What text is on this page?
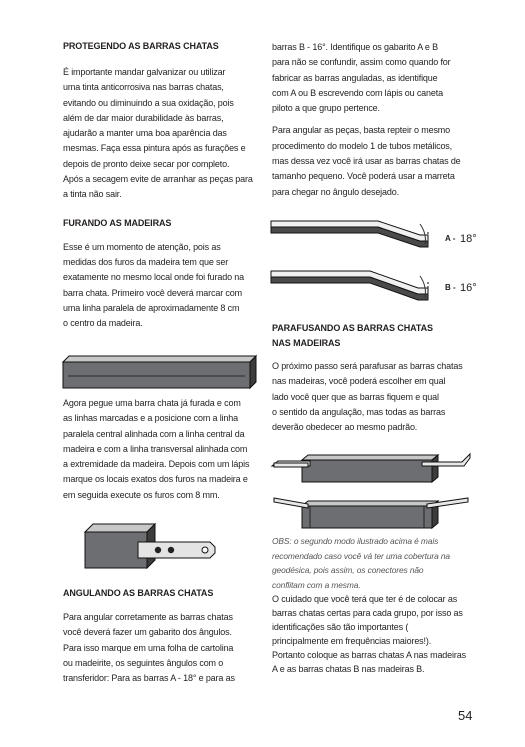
PROTEGENDO AS BARRAS CHATAS

É importante mandar galvanizar ou utilizar
uma tinta anticorrosiva nas barras chatas,
evitando ou diminuindo a sua oxidação, pois
além de dar maior durabilidade às barras,
ajudarão a manter uma boa aparência das
mesmas. Faça essa pintura após as furações e
depois de pronto deixe secar por completo.
Após a secagem evite de arranhar as peças para
a tinta não sair.

FURANDO AS MADEIRAS

Esse é um momento de atenção, pois as
medidas dos furos da madeira tem que ser
exatamente no mesmo local onde foi furado na
barra chata. Primeiro você deverá marcar com
uma linha paralela de aproximadamente 8 cm
o centro da madeira.

Agora pegue uma barra chata já furada e com
as linhas marcadas e a posicione com a linha
paralela central alinhada com a linha central da
madeira e com a linha transversal alinhada com
a extremidade da madeira. Depois com um lápis
marque os locais exatos dos furos na madeira e
em seguida execute os furos com 8 mm.

ANGULANDO AS BARRAS CHATAS

Para angular corretamente as barras chatas
você deverá fazer um gabarito dos ângulos.
Para isso marque em uma folha de cartolina
ou madeirite, os seguintes ângulos com o
transferidor: Para as barras A - 18° e para as

barras B - 16°. Identifique os gabarito A e B
para não se confundir, assim como quando for
fabricar as barras anguladas, as identifique
com A ou B escrevendo com lápis ou caneta
piloto a que grupo pertence.

Para angular as peças, basta repteir o mesmo
procedimento do modelo 1 de tubos metálicos,
mas dessa vez você irá usar as barras chatas de
tamanho pequeno. Você poderá usar a marreta
para chegar no ângulo desejado.

A - 18°
B - 16°

PARAFUSANDO AS BARRAS CHATAS

NAS MADEIRAS

O próximo passo será parafusar as barras chatas
nas madeiras, você poderá escolher em qual
lado você quer que as barras fiquem e qual
o sentido da angulação, mas todas as barras
deverão obedecer ao mesmo padrão.

OBS: o segundo modo ilustrado acima é mais
recomendado caso você vá ter uma cobertura na
geodésica, pois assim, os conectores não
conflitam com a mesma.

O cuidado que você terá que ter é de colocar as
barras chatas certas para cada grupo, por isso as
identificações são tão importantes (
principalmente em frequências maiores!).
Portanto coloque as barras chatas A nas madeiras
A e as barras chatas B nas madeiras B.

54
